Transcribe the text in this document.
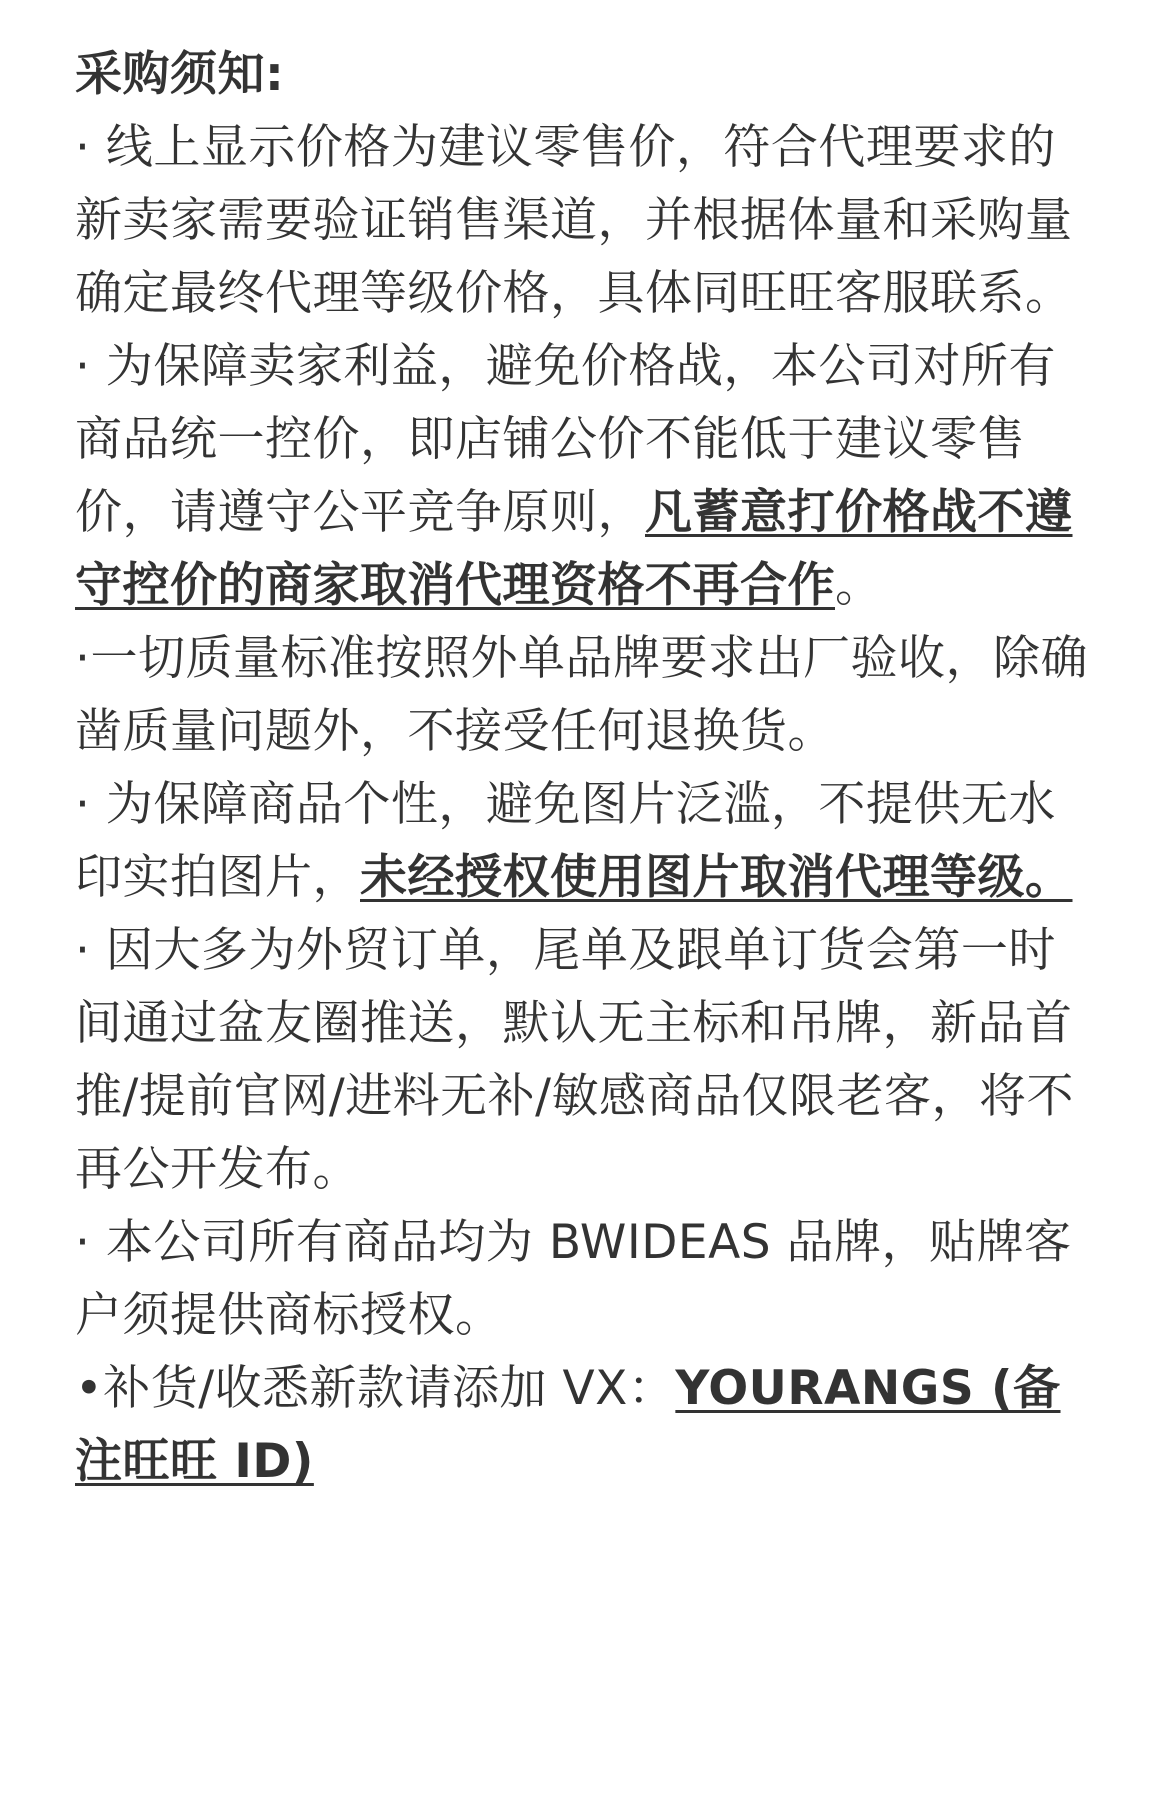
采购须知:

· 线上显示价格为建议零售价，符合代理要求的新卖家需要验证销售渠道，并根据体量和采购量确定最终代理等级价格，具体同旺旺客服联系。

· 为保障卖家利益，避免价格战，本公司对所有商品统一控价，即店铺公价不能低于建议零售价，请遵守公平竞争原则，凡蓄意打价格战不遵守控价的商家取消代理资格不再合作。

·一切质量标准按照外单品牌要求出厂验收，除确凿质量问题外，不接受任何退换货。

· 为保障商品个性，避免图片泛滥，不提供无水印实拍图片，未经授权使用图片取消代理等级。

· 因大多为外贸订单，尾单及跟单订货会第一时间通过盆友圈推送，默认无主标和吊牌，新品首推/提前官网/进料无补/敏感商品仅限老客，将不再公开发布。

· 本公司所有商品均为 BWIDEAS 品牌，贴牌客户须提供商标授权。

•补货/收悉新款请添加 VX：YOURANGS (备注旺旺 ID)
